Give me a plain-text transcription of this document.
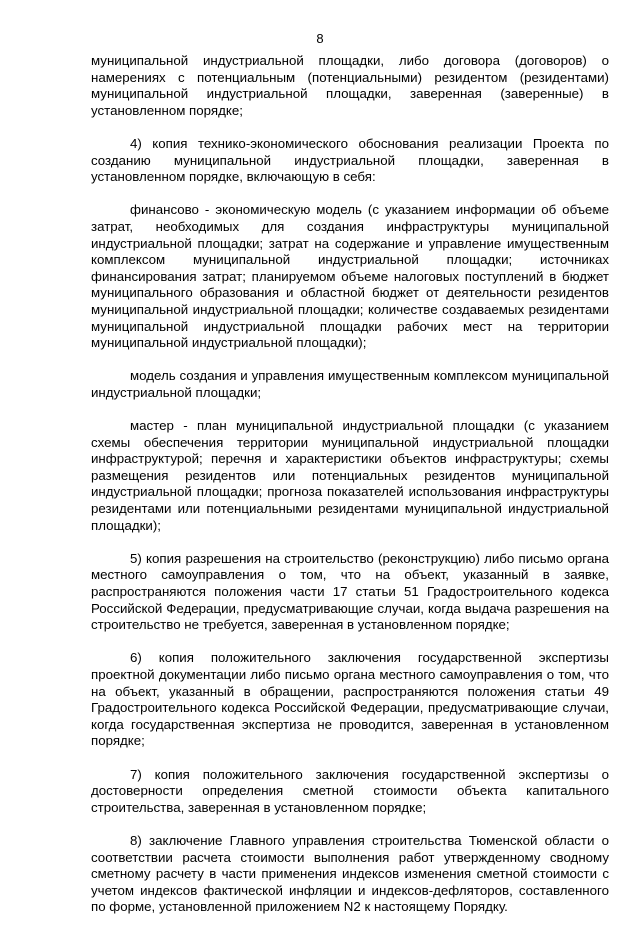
8

муниципальной индустриальной площадки, либо договора (договоров) о намерениях с потенциальным (потенциальными) резидентом (резидентами) муниципальной индустриальной площадки, заверенная (заверенные) в установленном порядке;

4) копия технико-экономического обоснования реализации Проекта по созданию муниципальной индустриальной площадки, заверенная в установленном порядке, включающую в себя:

финансово - экономическую модель (с указанием информации об объеме затрат, необходимых для создания инфраструктуры муниципальной индустриальной площадки; затрат на содержание и управление имущественным комплексом муниципальной индустриальной площадки; источниках финансирования затрат; планируемом объеме налоговых поступлений в бюджет муниципального образования и областной бюджет от деятельности резидентов муниципальной индустриальной площадки; количестве создаваемых резидентами муниципальной индустриальной площадки рабочих мест на территории муниципальной индустриальной площадки);

модель создания и управления имущественным комплексом муниципальной индустриальной площадки;

мастер - план муниципальной индустриальной площадки (с указанием схемы обеспечения территории муниципальной индустриальной площадки инфраструктурой; перечня и характеристики объектов инфраструктуры; схемы размещения резидентов или потенциальных резидентов муниципальной индустриальной площадки; прогноза показателей использования инфраструктуры резидентами или потенциальными резидентами муниципальной индустриальной площадки);

5) копия разрешения на строительство (реконструкцию) либо письмо органа местного самоуправления о том, что на объект, указанный в заявке, распространяются положения части 17 статьи 51 Градостроительного кодекса Российской Федерации, предусматривающие случаи, когда выдача разрешения на строительство не требуется, заверенная в установленном порядке;

6) копия положительного заключения государственной экспертизы проектной документации либо письмо органа местного самоуправления о том, что на объект, указанный в обращении, распространяются положения статьи 49 Градостроительного кодекса Российской Федерации, предусматривающие случаи, когда государственная экспертиза не проводится, заверенная в установленном порядке;

7) копия положительного заключения государственной экспертизы о достоверности определения сметной стоимости объекта капитального строительства, заверенная в установленном порядке;

8) заключение Главного управления строительства Тюменской области о соответствии расчета стоимости выполнения работ утвержденному сводному сметному расчету в части применения индексов изменения сметной стоимости с учетом индексов фактической инфляции и индексов-дефляторов, составленного по форме, установленной приложением N2 к настоящему Порядку.
